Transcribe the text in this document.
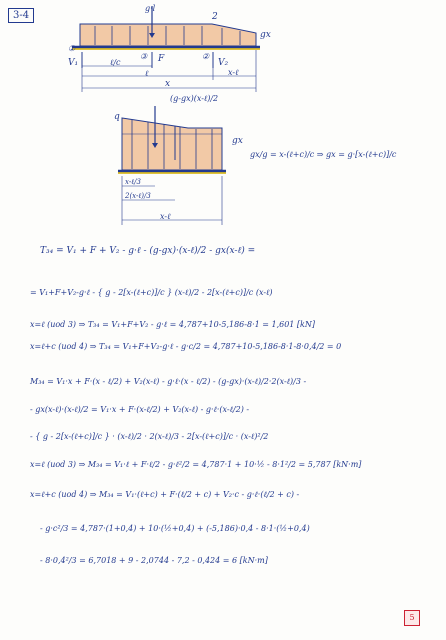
3-4
g·l
2
gx
①
③	②
V₁	F	V₂
ℓ/c
ℓ	x-ℓ
x
(g-gx)(x-ℓ)/2
q
gx
x-ℓ/3
2(x-ℓ)/3
x-ℓ
gx/g = x-(ℓ+c)/c ⇒ gx = g·[x-(ℓ+c)]/c
T₃₄ = V₁ + F + V₂ - g·ℓ - (g-gx)·(x-ℓ)/2 - gx(x-ℓ) =
= V₁+F+V₂-g·ℓ - { g - 2[x-(ℓ+c)]/c } (x-ℓ)/2 - 2[x-(ℓ+c)]/c (x-ℓ)
x=ℓ (uod 3) ⇒ T₃₄ = V₁+F+V₂ - g·ℓ = 4,787+10-5,186-8·1 = 1,601 [kN]
x=ℓ+c (uod 4) ⇒ T₃₄ = V₁+F+V₂-g·ℓ - g·c/2 = 4,787+10-5,186-8·1-8·0,4/2 = 0
M₃₄ = V₁·x + F·(x - ℓ/2) + V₂(x-ℓ) - g·ℓ·(x - ℓ/2) - (g-gx)·(x-ℓ)/2·2(x-ℓ)/3 -
- gx(x-ℓ)·(x-ℓ)/2 = V₁·x + F·(x-ℓ/2) + V₂(x-ℓ) - g·ℓ·(x-ℓ/2) -
- { g - 2[x-(ℓ+c)]/c } · (x-ℓ)/2 · 2(x-ℓ)/3 - 2[x-(ℓ+c)]/c · (x-ℓ)²/2
x=ℓ (uod 3) ⇒ M₃₄ = V₁·ℓ + F·ℓ/2 - g·ℓ²/2 = 4,787·1 + 10·½ - 8·1²/2 = 5,787 [kN·m]
x=ℓ+c (uod 4) ⇒ M₃₄ = V₁·(ℓ+c) + F·(ℓ/2 + c) + V₂·c - g·ℓ·(ℓ/2 + c) -
- g·c²/3 = 4,787·(1+0,4) + 10·(½+0,4) + (-5,186)·0,4 - 8·1·(½+0,4)
- 8·0,4²/3 = 6,7018 + 9 - 2,0744 - 7,2 - 0,424 = 6 [kN·m]
5
